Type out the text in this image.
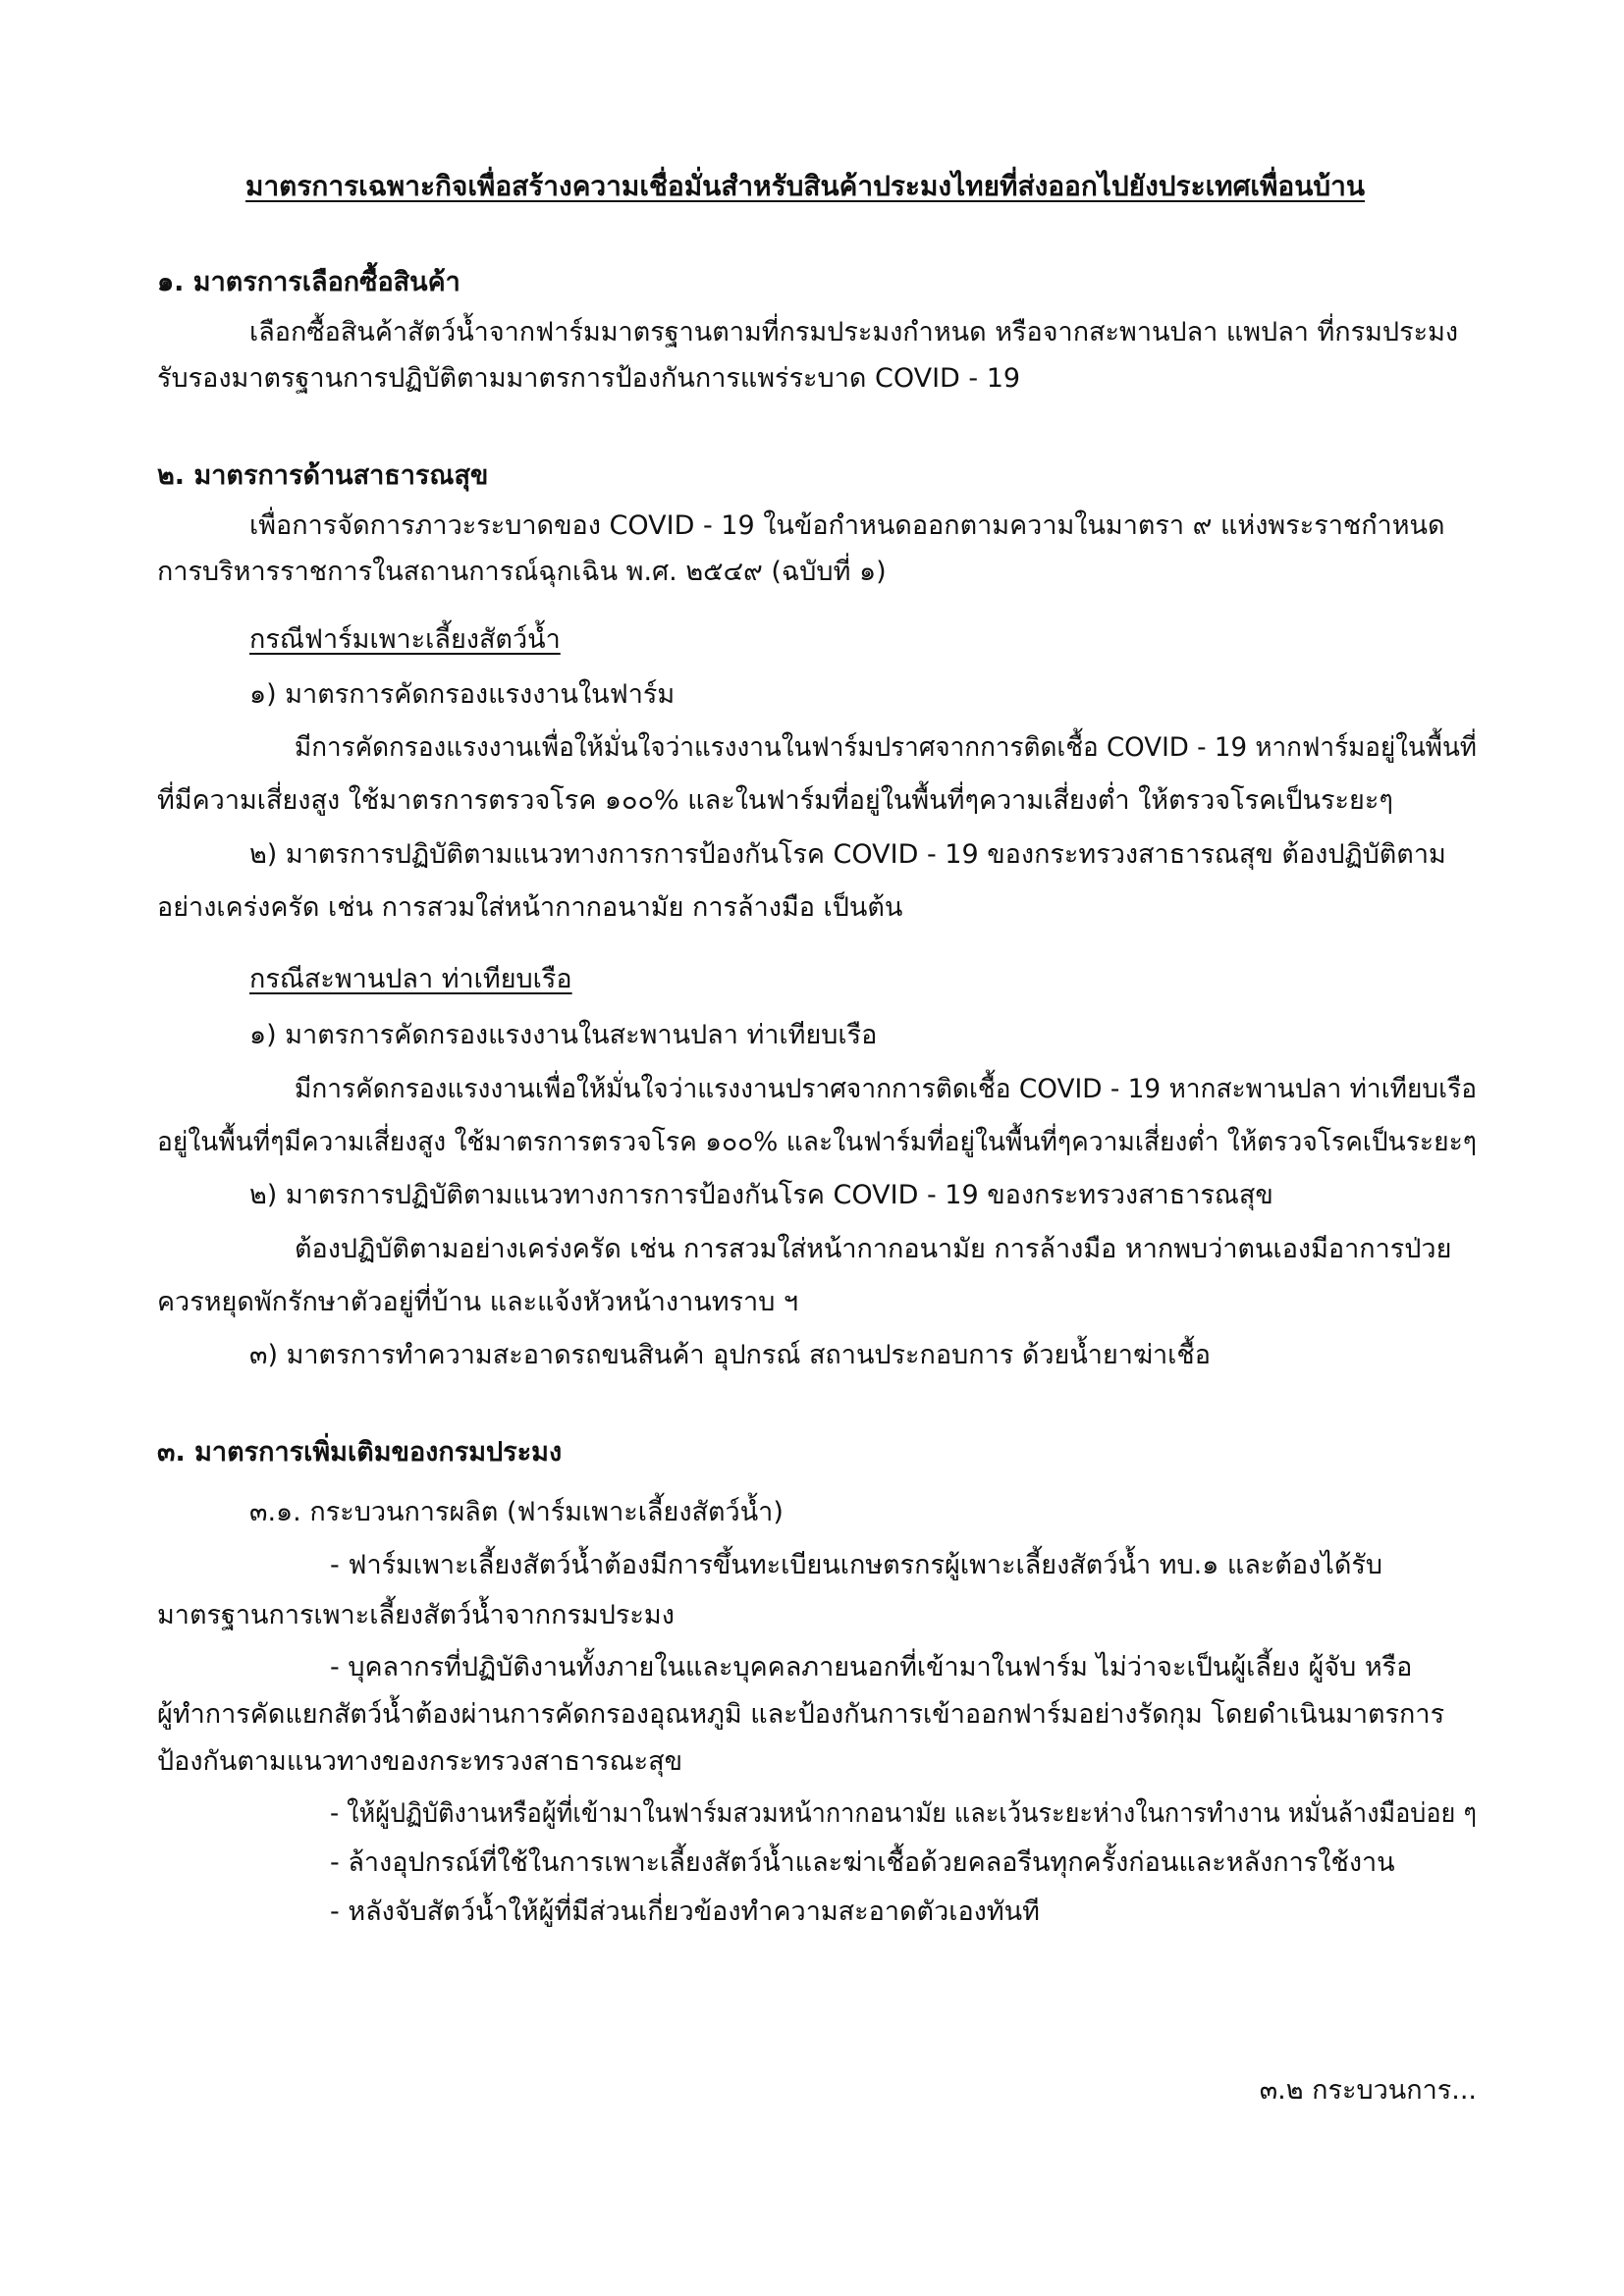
มาตรการเฉพาะกิจเพื่อสร้างความเชื่อมั่นสำหรับสินค้าประมงไทยที่ส่งออกไปยังประเทศเพื่อนบ้าน
๑. มาตรการเลือกซื้อสินค้า
เลือกซื้อสินค้าสัตว์น้ำจากฟาร์มมาตรฐานตามที่กรมประมงกำหนด หรือจากสะพานปลา แพปลา ที่กรมประมง
รับรองมาตรฐานการปฏิบัติตามมาตรการป้องกันการแพร่ระบาด COVID - 19
๒. มาตรการด้านสาธารณสุข
เพื่อการจัดการภาวะระบาดของ COVID - 19 ในข้อกำหนดออกตามความในมาตรา ๙ แห่งพระราชกำหนด
การบริหารราชการในสถานการณ์ฉุกเฉิน พ.ศ. ๒๕๔๙ (ฉบับที่ ๑)
กรณีฟาร์มเพาะเลี้ยงสัตว์น้ำ
๑) มาตรการคัดกรองแรงงานในฟาร์ม
มีการคัดกรองแรงงานเพื่อให้มั่นใจว่าแรงงานในฟาร์มปราศจากการติดเชื้อ COVID - 19 หากฟาร์มอยู่ในพื้นที่
ที่มีความเสี่ยงสูง ใช้มาตรการตรวจโรค ๑๐๐% และในฟาร์มที่อยู่ในพื้นที่ๆความเสี่ยงต่ำ ให้ตรวจโรคเป็นระยะๆ
๒) มาตรการปฏิบัติตามแนวทางการการป้องกันโรค COVID - 19 ของกระทรวงสาธารณสุข ต้องปฏิบัติตาม
อย่างเคร่งครัด เช่น การสวมใส่หน้ากากอนามัย การล้างมือ เป็นต้น
กรณีสะพานปลา ท่าเทียบเรือ
๑) มาตรการคัดกรองแรงงานในสะพานปลา ท่าเทียบเรือ
มีการคัดกรองแรงงานเพื่อให้มั่นใจว่าแรงงานปราศจากการติดเชื้อ COVID - 19 หากสะพานปลา ท่าเทียบเรือ
อยู่ในพื้นที่ๆมีความเสี่ยงสูง ใช้มาตรการตรวจโรค ๑๐๐% และในฟาร์มที่อยู่ในพื้นที่ๆความเสี่ยงต่ำ ให้ตรวจโรคเป็นระยะๆ
๒) มาตรการปฏิบัติตามแนวทางการการป้องกันโรค COVID - 19 ของกระทรวงสาธารณสุข
ต้องปฏิบัติตามอย่างเคร่งครัด เช่น การสวมใส่หน้ากากอนามัย การล้างมือ หากพบว่าตนเองมีอาการป่วย
ควรหยุดพักรักษาตัวอยู่ที่บ้าน และแจ้งหัวหน้างานทราบ ฯ
๓) มาตรการทำความสะอาดรถขนสินค้า อุปกรณ์ สถานประกอบการ ด้วยน้ำยาฆ่าเชื้อ
๓. มาตรการเพิ่มเติมของกรมประมง
๓.๑. กระบวนการผลิต (ฟาร์มเพาะเลี้ยงสัตว์น้ำ)
- ฟาร์มเพาะเลี้ยงสัตว์น้ำต้องมีการขึ้นทะเบียนเกษตรกรผู้เพาะเลี้ยงสัตว์น้ำ ทบ.๑ และต้องได้รับ
มาตรฐานการเพาะเลี้ยงสัตว์น้ำจากกรมประมง
- บุคลากรที่ปฏิบัติงานทั้งภายในและบุคคลภายนอกที่เข้ามาในฟาร์ม ไม่ว่าจะเป็นผู้เลี้ยง ผู้จับ หรือ
ผู้ทำการคัดแยกสัตว์น้ำต้องผ่านการคัดกรองอุณหภูมิ และป้องกันการเข้าออกฟาร์มอย่างรัดกุม โดยดำเนินมาตรการ
ป้องกันตามแนวทางของกระทรวงสาธารณะสุข
- ให้ผู้ปฏิบัติงานหรือผู้ที่เข้ามาในฟาร์มสวมหน้ากากอนามัย และเว้นระยะห่างในการทำงาน หมั่นล้างมือบ่อย ๆ
- ล้างอุปกรณ์ที่ใช้ในการเพาะเลี้ยงสัตว์น้ำและฆ่าเชื้อด้วยคลอรีนทุกครั้งก่อนและหลังการใช้งาน
- หลังจับสัตว์น้ำให้ผู้ที่มีส่วนเกี่ยวข้องทำความสะอาดตัวเองทันที
๓.๒ กระบวนการ...
